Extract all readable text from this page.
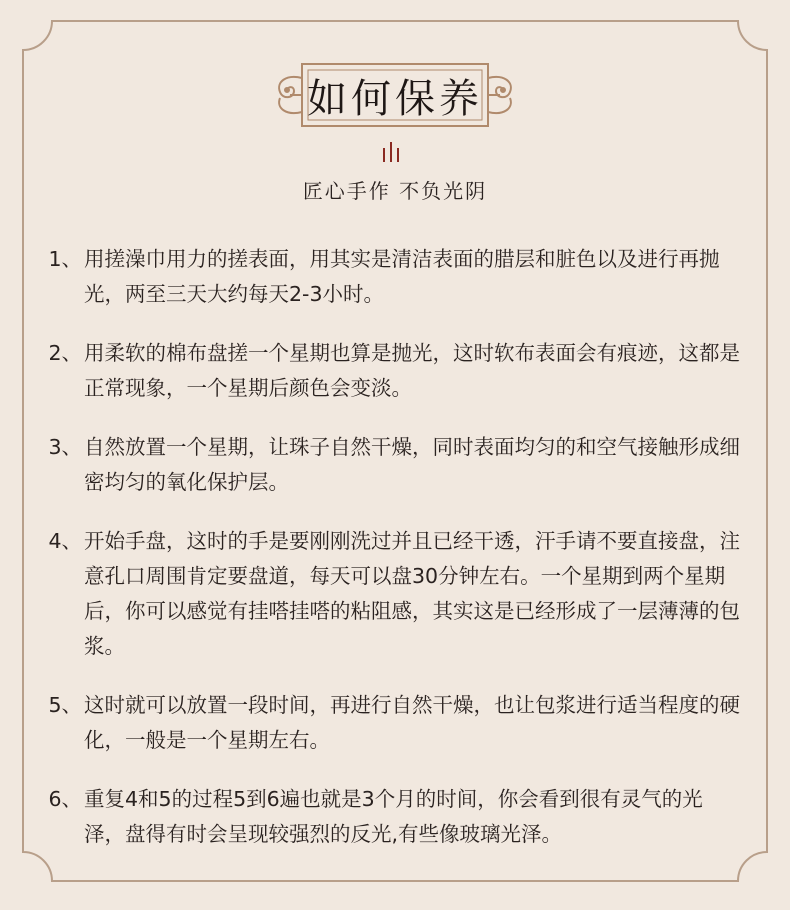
如何保养
匠心手作 不负光阴
1、 用搓澡巾用力的搓表面，用其实是清洁表面的腊层和脏色以及进行再抛光，两至三天大约每天2-3小时。
2、 用柔软的棉布盘搓一个星期也算是抛光，这时软布表面会有痕迹，这都是正常现象，一个星期后颜色会变淡。
3、 自然放置一个星期，让珠子自然干燥，同时表面均匀的和空气接触形成细密均匀的氧化保护层。
4、 开始手盘，这时的手是要刚刚洗过并且已经干透，汗手请不要直接盘，注意孔口周围肯定要盘道，每天可以盘30分钟左右。一个星期到两个星期后，你可以感觉有挂嗒挂嗒的粘阻感，其实这是已经形成了一层薄薄的包浆。
5、 这时就可以放置一段时间，再进行自然干燥，也让包浆进行适当程度的硬化，一般是一个星期左右。
6、 重复4和5的过程5到6遍也就是3个月的时间，你会看到很有灵气的光泽，盘得有时会呈现较强烈的反光,有些像玻璃光泽。
